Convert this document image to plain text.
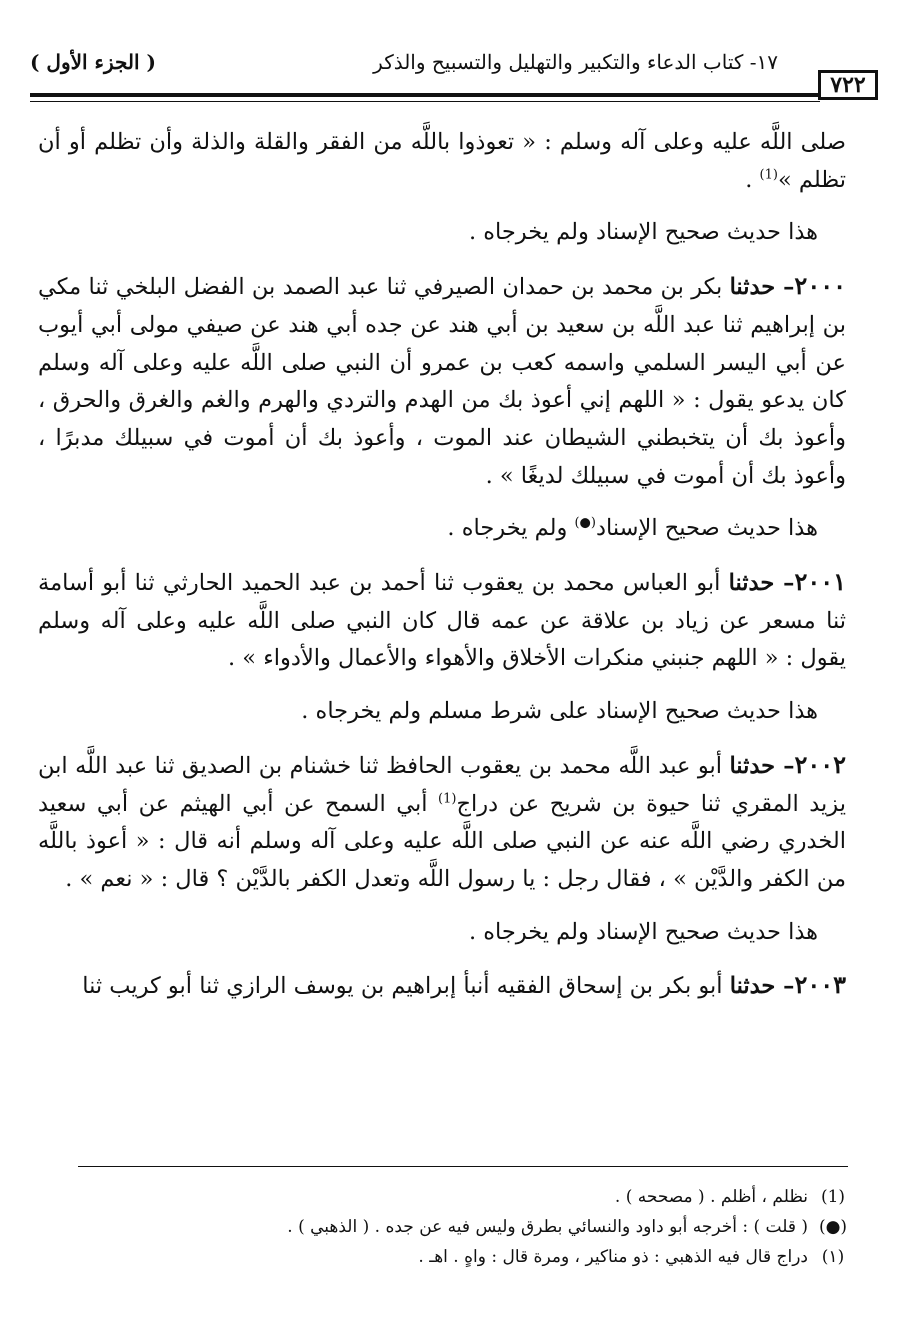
٧٢٢
١٧- كتاب الدعاء والتكبير والتهليل والتسبيح والذكر
( الجزء الأول )

صلى اللَّه عليه وعلى آله وسلم : « تعوذوا باللَّه من الفقر والقلة والذلة وأن تظلم أو أن تظلم »$^{(1)}$ .

هذا حديث صحيح الإسناد ولم يخرجاه .

٢٠٠٠– حدثنا بكر بن محمد بن حمدان الصيرفي ثنا عبد الصمد بن الفضل البلخي ثنا مكي بن إبراهيم ثنا عبد اللَّه بن سعيد بن أبي هند عن جده أبي هند عن صيفي مولى أبي أيوب عن أبي اليسر السلمي واسمه كعب بن عمرو أن النبي صلى اللَّه عليه وعلى آله وسلم كان يدعو يقول : « اللهم إني أعوذ بك من الهدم والتردي والهرم والغم والغرق والحرق ، وأعوذ بك أن يتخبطني الشيطان عند الموت ، وأعوذ بك أن أموت في سبيلك مدبرًا ، وأعوذ بك أن أموت في سبيلك لديغًا » .

هذا حديث صحيح الإسناد(●) ولم يخرجاه .

٢٠٠١– حدثنا أبو العباس محمد بن يعقوب ثنا أحمد بن عبد الحميد الحارثي ثنا أبو أسامة ثنا مسعر عن زياد بن علاقة عن عمه قال كان النبي صلى اللَّه عليه وعلى آله وسلم يقول : « اللهم جنبني منكرات الأخلاق والأهواء والأعمال والأدواء » .

هذا حديث صحيح الإسناد على شرط مسلم ولم يخرجاه .

٢٠٠٢– حدثنا أبو عبد اللَّه محمد بن يعقوب الحافظ ثنا خشنام بن الصديق ثنا عبد اللَّه ابن يزيد المقري ثنا حيوة بن شريح عن دراج$^{(1)}$ أبي السمح عن أبي الهيثم عن أبي سعيد الخدري رضي اللَّه عنه عن النبي صلى اللَّه عليه وعلى آله وسلم أنه قال : « أعوذ باللَّه من الكفر والدَّيْن » ، فقال رجل : يا رسول اللَّه وتعدل الكفر بالدَّيْن ؟ قال : « نعم » .

هذا حديث صحيح الإسناد ولم يخرجاه .

٢٠٠٣– حدثنا أبو بكر بن إسحاق الفقيه أنبأ إبراهيم بن يوسف الرازي ثنا أبو كريب ثنا

(1)
نظلم ، أظلم . ( مصححه ) .
(●)
( قلت ) : أخرجه أبو داود والنسائي بطرق وليس فيه عن جده . ( الذهبي ) .
(١)
دراج قال فيه الذهبي : ذو مناكير ، ومرة قال : واهٍ . اهـ .
